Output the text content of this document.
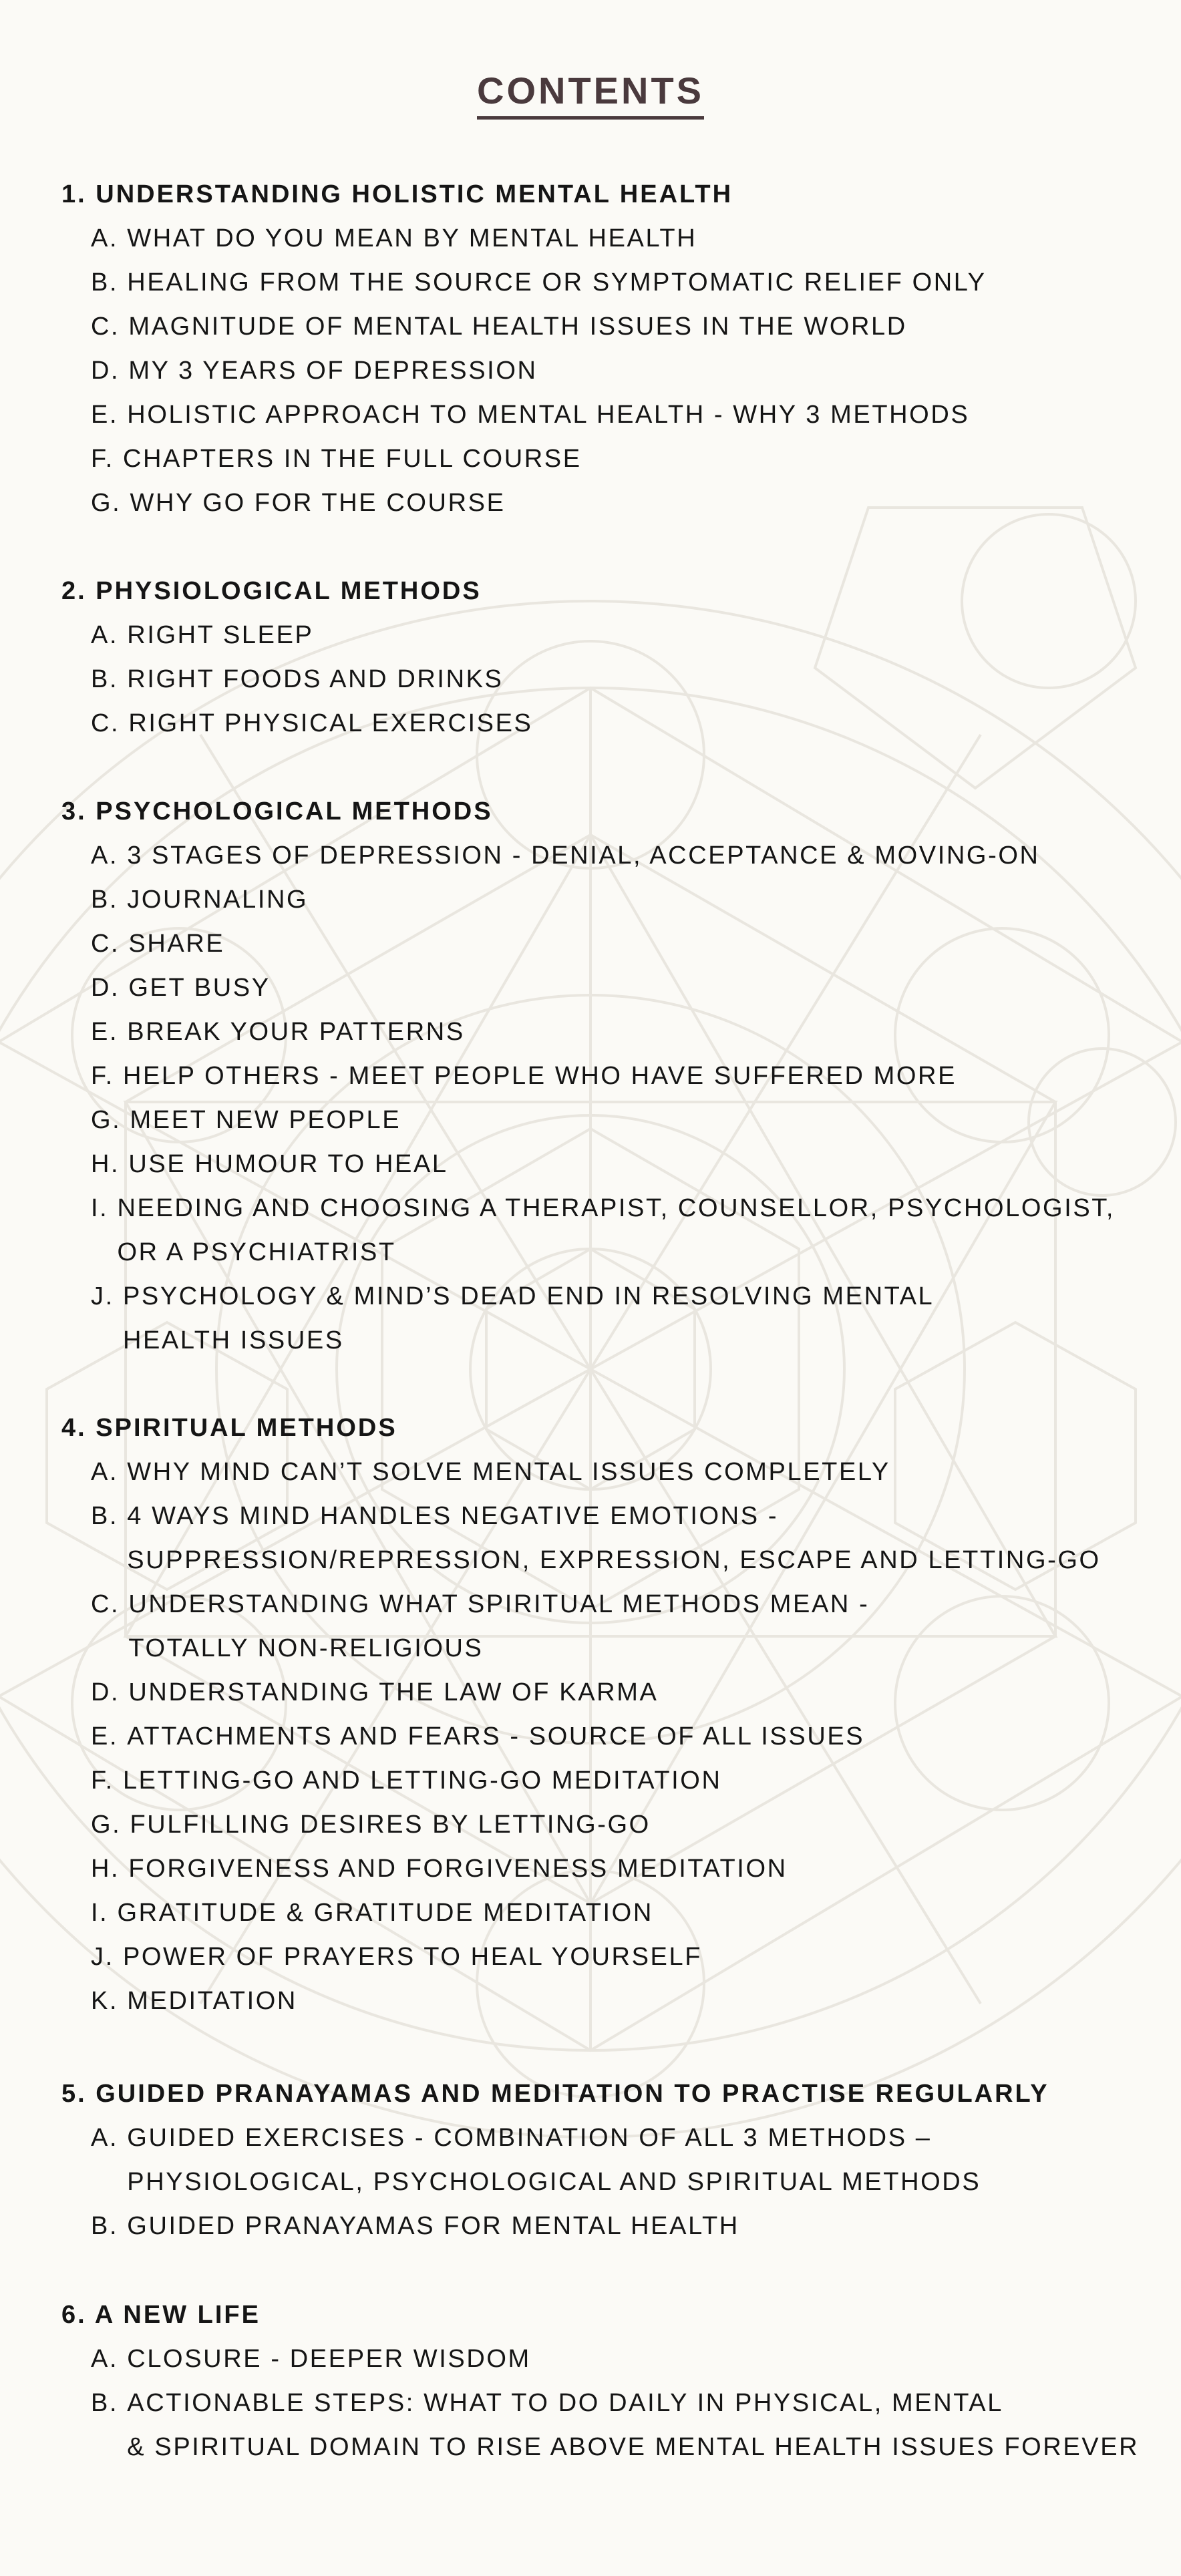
CONTENTS
1. UNDERSTANDING HOLISTIC MENTAL HEALTH
A.
WHAT DO YOU MEAN BY MENTAL HEALTH
B.
HEALING FROM THE SOURCE OR SYMPTOMATIC RELIEF ONLY
C.
MAGNITUDE OF MENTAL HEALTH ISSUES IN THE WORLD
D.
MY 3 YEARS OF DEPRESSION
E.
HOLISTIC APPROACH TO MENTAL HEALTH - WHY 3 METHODS
F.
CHAPTERS IN THE FULL COURSE
G.
WHY GO FOR THE COURSE
2. PHYSIOLOGICAL METHODS
A.
RIGHT SLEEP
B.
RIGHT FOODS AND DRINKS
C.
RIGHT PHYSICAL EXERCISES
3. PSYCHOLOGICAL METHODS
A.
3 STAGES OF DEPRESSION - DENIAL, ACCEPTANCE & MOVING-ON
B.
JOURNALING
C.
SHARE
D.
GET BUSY
E.
BREAK YOUR PATTERNS
F.
HELP OTHERS - MEET PEOPLE WHO HAVE SUFFERED MORE
G.
MEET NEW PEOPLE
H.
USE HUMOUR TO HEAL
I.
NEEDING AND CHOOSING A THERAPIST, COUNSELLOR, PSYCHOLOGIST,
OR A PSYCHIATRIST
J.
PSYCHOLOGY & MIND’S DEAD END IN RESOLVING MENTAL
HEALTH ISSUES
4. SPIRITUAL METHODS
A.
WHY MIND CAN’T SOLVE MENTAL ISSUES COMPLETELY
B.
4 WAYS MIND HANDLES NEGATIVE EMOTIONS -
SUPPRESSION/REPRESSION, EXPRESSION, ESCAPE AND LETTING-GO
C.
UNDERSTANDING WHAT SPIRITUAL METHODS MEAN -
TOTALLY NON-RELIGIOUS
D.
UNDERSTANDING THE LAW OF KARMA
E.
ATTACHMENTS AND FEARS - SOURCE OF ALL ISSUES
F.
LETTING-GO AND LETTING-GO MEDITATION
G.
FULFILLING DESIRES BY LETTING-GO
H.
FORGIVENESS AND FORGIVENESS MEDITATION
I.
GRATITUDE & GRATITUDE MEDITATION
J.
POWER OF PRAYERS TO HEAL YOURSELF
K.
MEDITATION
5. GUIDED PRANAYAMAS AND MEDITATION TO PRACTISE REGULARLY
A.
GUIDED EXERCISES - COMBINATION OF ALL 3 METHODS –
PHYSIOLOGICAL, PSYCHOLOGICAL AND SPIRITUAL METHODS
B.
GUIDED PRANAYAMAS FOR MENTAL HEALTH
6. A NEW LIFE
A.
CLOSURE - DEEPER WISDOM
B.
ACTIONABLE STEPS: WHAT TO DO DAILY IN PHYSICAL, MENTAL
& SPIRITUAL DOMAIN TO RISE ABOVE MENTAL HEALTH ISSUES FOREVER
